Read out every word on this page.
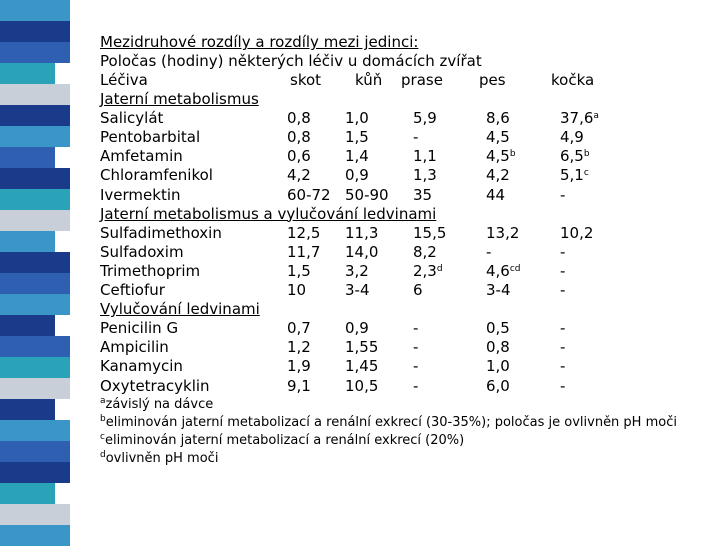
Mezidruhové rozdíly a rozdíly mezi jedinci:
Poločas (hodiny) některých léčiv u domácích zvířat
Léčiva	skot kůň prase pes	kočka
Jaterní metabolismus
Salicylát	0,8 1,0	5,9	8,6	37,6$^a$
Pentobarbital	0,8 1,5	-	4,5	4,9
Amfetamin	0,6 1,4	1,1	4,5$^b$	6,5$^b$
Chloramfenikol	4,2 0,9	1,3	4,2	5,1$^c$
Ivermektin	60-72 50-90 35	44	-
Jaterní metabolismus a vylučování ledvinami
Sulfadimethoxin	12,5 11,3 15,5	13,2	10,2
Sulfadoxim	11,7 14,0 8,2	-	-
Trimethoprim	1,5 3,2	2,3$^d$	4,6$^{cd}$	-
Ceftiofur	10	3-4	6	3-4	-
Vylučování ledvinami
Penicilin G	0,7 0,9	-	0,5	-
Ampicilin	1,2 1,55 -	0,8	-
Kanamycin	1,9 1,45 -	1,0	-
Oxytetracyklin	9,1 10,5 -	6,0	-
$^a$závislý na dávce
$^b$eliminován jaterní metabolizací a renální exkrecí (30-35%); poločas je ovlivněn pH moči
$^c$eliminován jaterní metabolizací a renální exkrecí (20%)
$^d$ovlivněn pH moči
